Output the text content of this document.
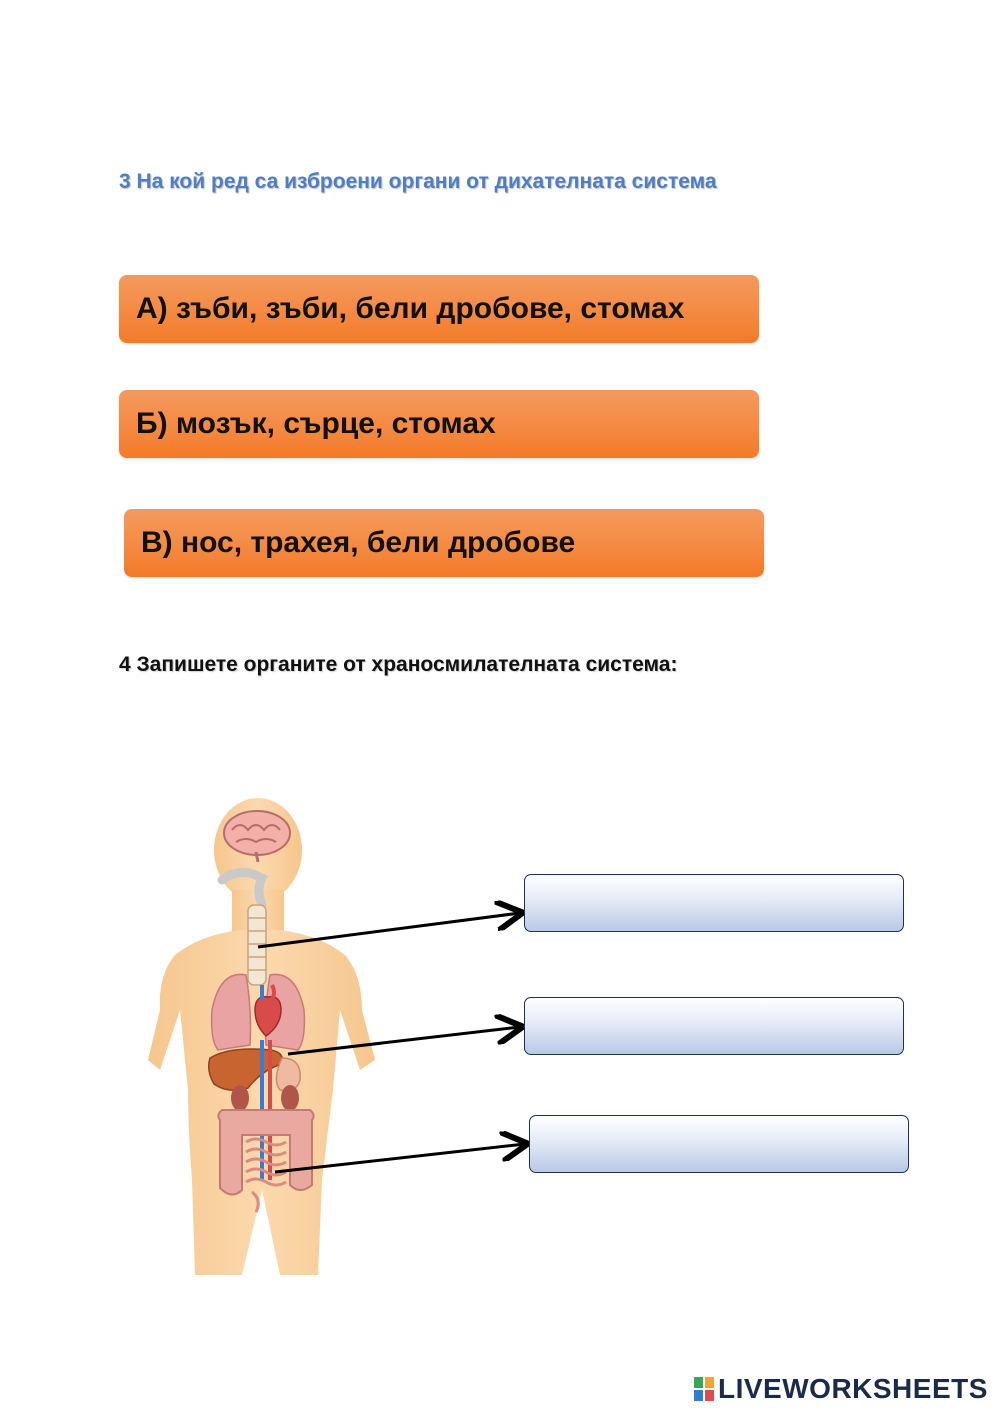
3 На кой ред са изброени органи от дихателната система
А) зъби, зъби, бели дробове, стомах
Б) мозък, сърце, стомах
В) нос, трахея, бели дробове
4 Запишете органите от храносмилателната система:
LIVEWORKSHEETS
